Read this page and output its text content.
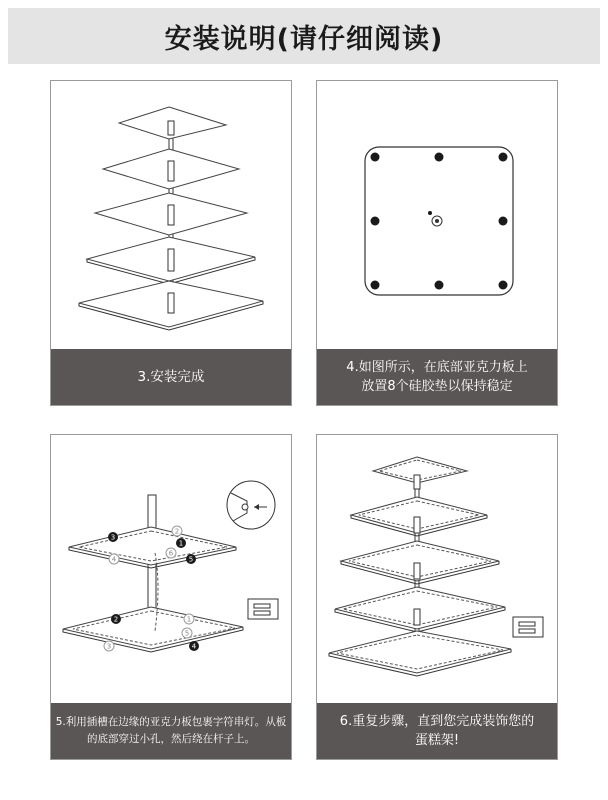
安装说明(请仔细阅读)
3.安装完成
4.如图所示，在底部亚克力板上
放置8个硅胶垫以保持稳定
3
2
1
4
6
5
2	1
3
5
4
5.利用插槽在边缘的亚克力板包裹字符串灯。从板
的底部穿过小孔，然后绕在杆子上。
6.重复步骤，直到您完成装饰您的
蛋糕架!
